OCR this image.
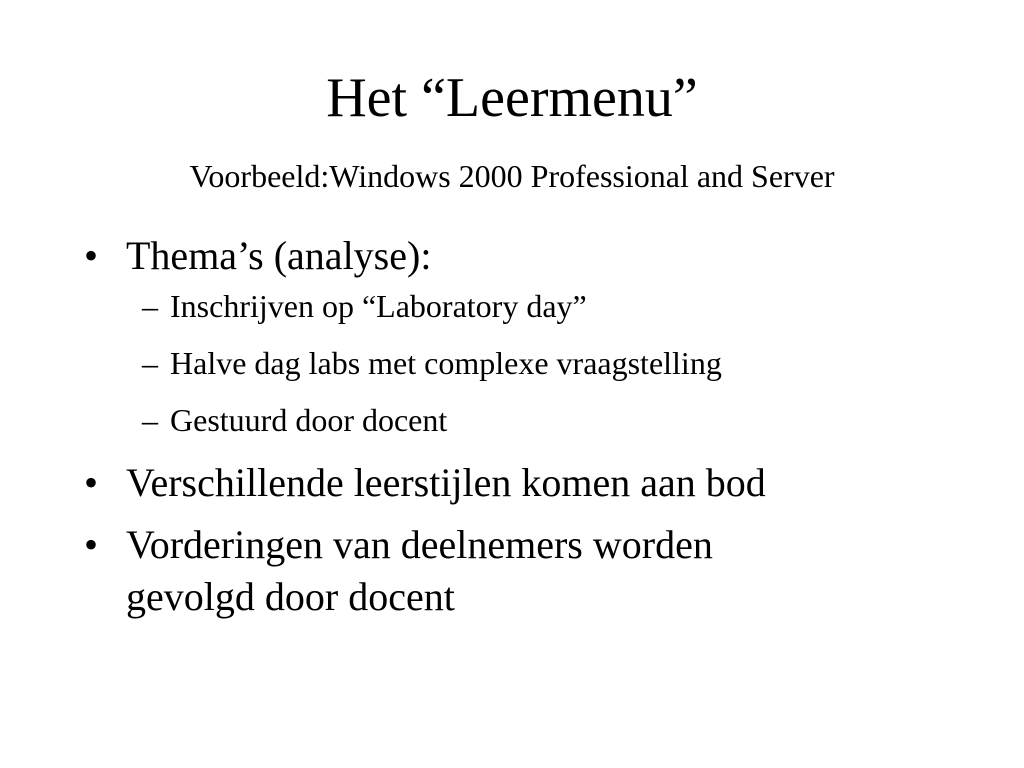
Het “Leermenu”
Voorbeeld:Windows 2000 Professional and Server
• Thema’s (analyse):
– Inschrijven op “Laboratory day”
– Halve dag labs met complexe vraagstelling
– Gestuurd door docent
• Verschillende leerstijlen komen aan bod
• Vorderingen van deelnemers worden
gevolgd door docent
